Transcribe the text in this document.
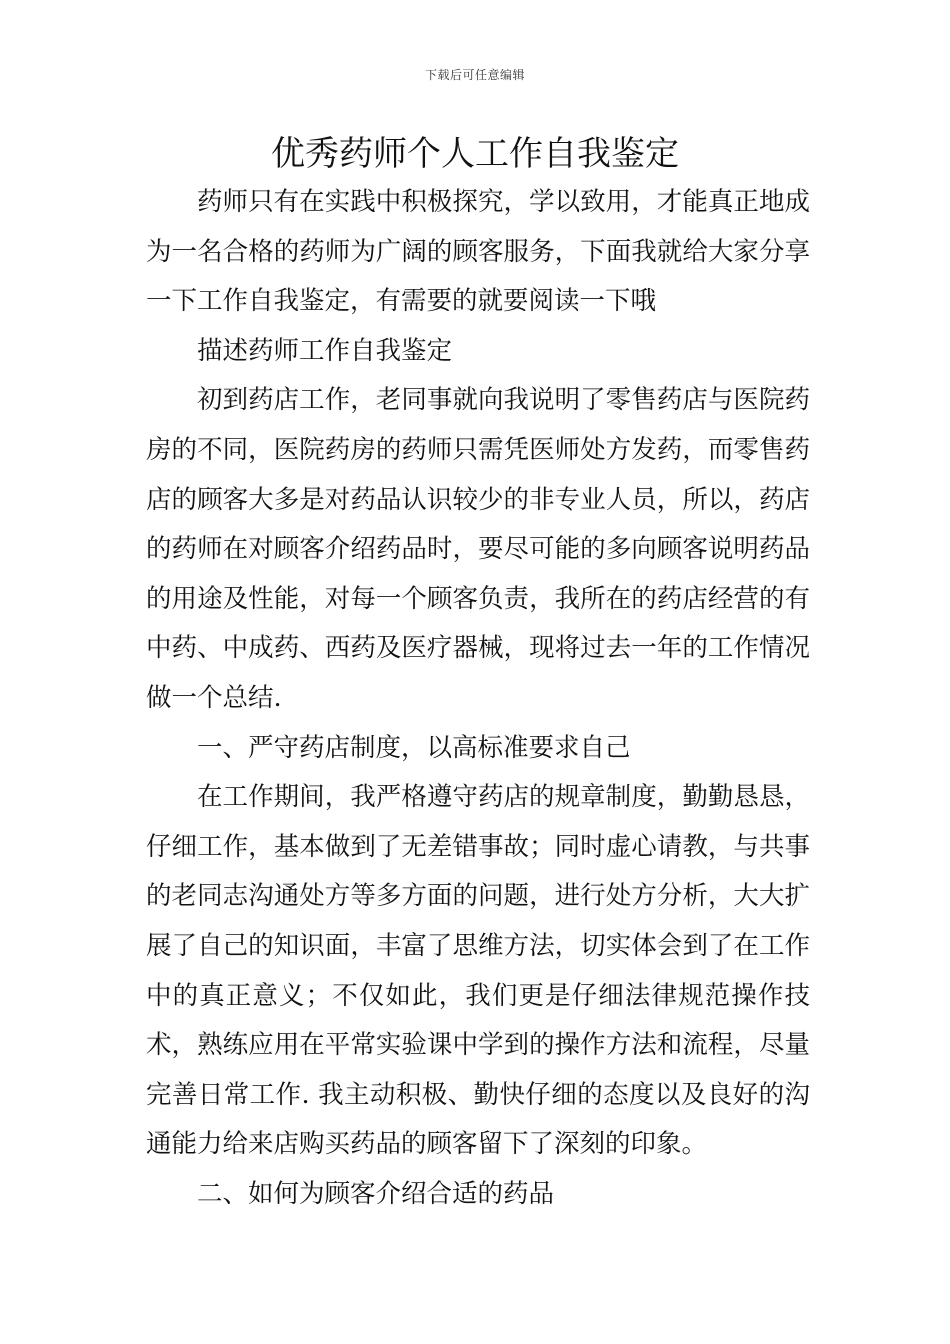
下载后可任意编辑
优秀药师个人工作自我鉴定

药师只有在实践中积极探究，学以致用，才能真正地成为一名合格的药师为广阔的顾客服务，下面我就给大家分享一下工作自我鉴定，有需要的就要阅读一下哦

描述药师工作自我鉴定

初到药店工作，老同事就向我说明了零售药店与医院药房的不同，医院药房的药师只需凭医师处方发药，而零售药店的顾客大多是对药品认识较少的非专业人员，所以，药店的药师在对顾客介绍药品时，要尽可能的多向顾客说明药品的用途及性能，对每一个顾客负责，我所在的药店经营的有中药、中成药、西药及医疗器械，现将过去一年的工作情况做一个总结.

一、严守药店制度，以高标准要求自己

在工作期间，我严格遵守药店的规章制度，勤勤恳恳，仔细工作，基本做到了无差错事故；同时虚心请教，与共事的老同志沟通处方等多方面的问题，进行处方分析，大大扩展了自己的知识面，丰富了思维方法，切实体会到了在工作中的真正意义；不仅如此，我们更是仔细法律规范操作技术，熟练应用在平常实验课中学到的操作方法和流程，尽量完善日常工作. 我主动积极、勤快仔细的态度以及良好的沟通能力给来店购买药品的顾客留下了深刻的印象。

二、如何为顾客介绍合适的药品
